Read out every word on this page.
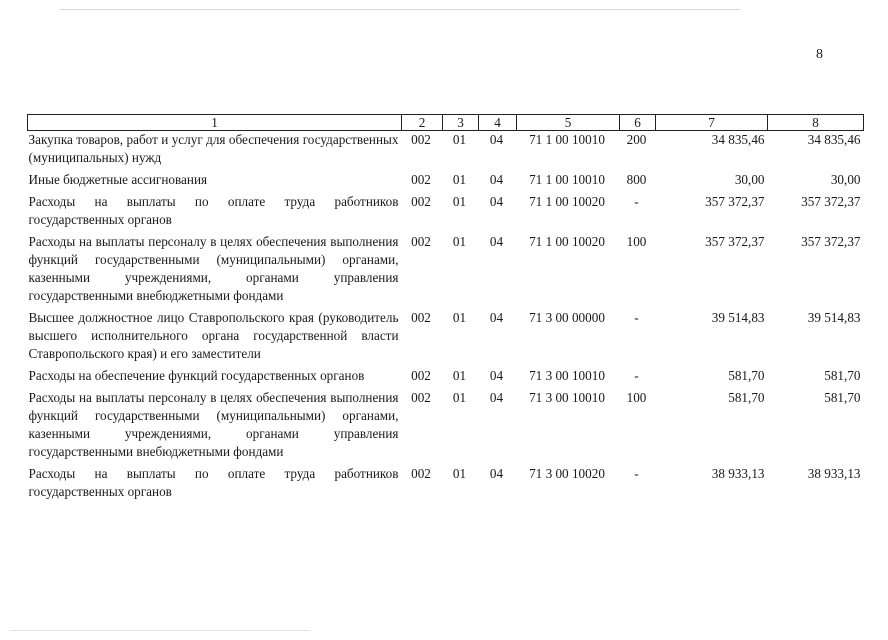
8
1	2	3	4	5	6	7	8
Закупка товаров, работ и услуг для обеспечения государственных (муниципальных) нужд	002	01	04	71 1 00 10010	200	34 835,46	34 835,46
Иные бюджетные ассигнования	002	01	04	71 1 00 10010	800	30,00	30,00
Расходы на выплаты по оплате труда работников государственных органов	002	01	04	71 1 00 10020	-	357 372,37	357 372,37
Расходы на выплаты персоналу в целях обеспечения выполнения функций государственными (муниципальными) органами, казенными учреждениями, органами управления государственными внебюджетными фондами	002	01	04	71 1 00 10020	100	357 372,37	357 372,37
Высшее должностное лицо Ставропольского края (руководитель высшего исполнительного органа государственной власти Ставропольского края) и его заместители	002	01	04	71 3 00 00000	-	39 514,83	39 514,83
Расходы на обеспечение функций государственных органов	002	01	04	71 3 00 10010	-	581,70	581,70
Расходы на выплаты персоналу в целях обеспечения выполнения функций государственными (муниципальными) органами, казенными учреждениями, органами управления государственными внебюджетными фондами	002	01	04	71 3 00 10010	100	581,70	581,70
Расходы на выплаты по оплате труда работников государственных органов	002	01	04	71 3 00 10020	-	38 933,13	38 933,13
